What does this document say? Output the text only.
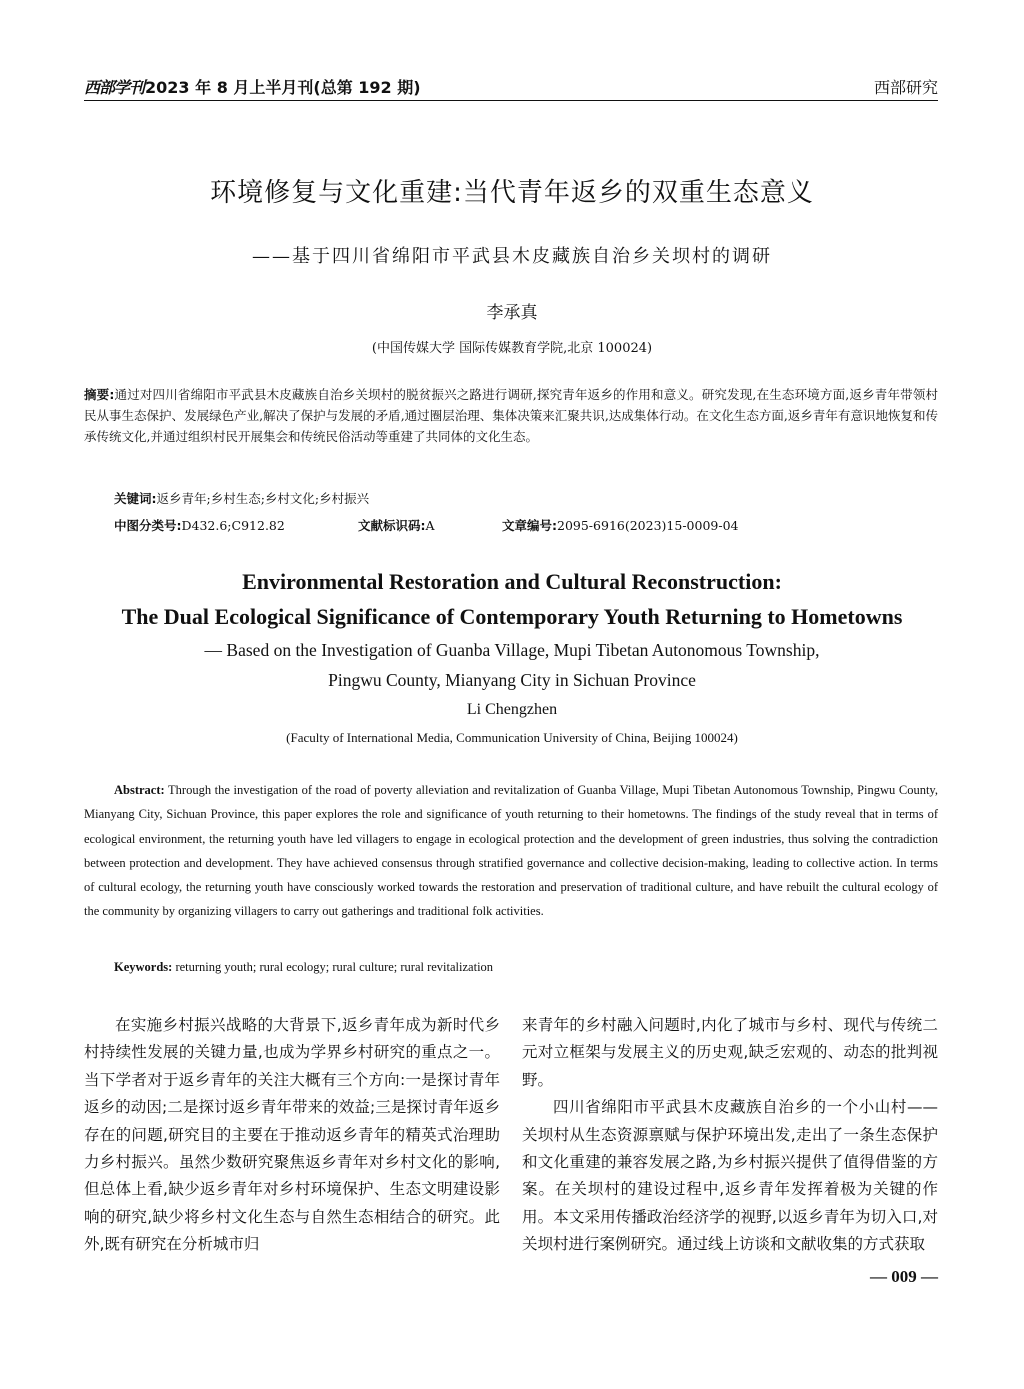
西部学刊 2023 年 8 月上半月刊(总第 192 期)	西部研究
环境修复与文化重建:当代青年返乡的双重生态意义
——基于四川省绵阳市平武县木皮藏族自治乡关坝村的调研
李承真
(中国传媒大学 国际传媒教育学院,北京 100024)
摘要:通过对四川省绵阳市平武县木皮藏族自治乡关坝村的脱贫振兴之路进行调研,探究青年返乡的作用和意义。研究发现,在生态环境方面,返乡青年带领村民从事生态保护、发展绿色产业,解决了保护与发展的矛盾,通过圈层治理、集体决策来汇聚共识,达成集体行动。在文化生态方面,返乡青年有意识地恢复和传承传统文化,并通过组织村民开展集会和传统民俗活动等重建了共同体的文化生态。
关键词:返乡青年;乡村生态;乡村文化;乡村振兴
中图分类号:D432.6;C912.82	文献标识码:A	文章编号:2095-6916(2023)15-0009-04
Environmental Restoration and Cultural Reconstruction:
The Dual Ecological Significance of Contemporary Youth Returning to Hometowns
— Based on the Investigation of Guanba Village, Mupi Tibetan Autonomous Township,
Pingwu County, Mianyang City in Sichuan Province
Li Chengzhen
(Faculty of International Media, Communication University of China, Beijing 100024)
Abstract: Through the investigation of the road of poverty alleviation and revitalization of Guanba Village, Mupi Tibetan Autonomous Township, Pingwu County, Mianyang City, Sichuan Province, this paper explores the role and significance of youth returning to their hometowns. The findings of the study reveal that in terms of ecological environment, the returning youth have led villagers to engage in ecological protection and the development of green industries, thus solving the contradiction between protection and development. They have achieved consensus through stratified governance and collective decision-making, leading to collective action. In terms of cultural ecology, the returning youth have consciously worked towards the restoration and preservation of traditional culture, and have rebuilt the cultural ecology of the community by organizing villagers to carry out gatherings and traditional folk activities.
Keywords: returning youth; rural ecology; rural culture; rural revitalization

在实施乡村振兴战略的大背景下,返乡青年成为新时代乡村持续性发展的关键力量,也成为学界乡村研究的重点之一。当下学者对于返乡青年的关注大概有三个方向:一是探讨青年返乡的动因;二是探讨返乡青年带来的效益;三是探讨青年返乡存在的问题,研究目的主要在于推动返乡青年的精英式治理助力乡村振兴。虽然少数研究聚焦返乡青年对乡村文化的影响,但总体上看,缺少返乡青年对乡村环境保护、生态文明建设影响的研究,缺少将乡村文化生态与自然生态相结合的研究。此外,既有研究在分析城市归

来青年的乡村融入问题时,内化了城市与乡村、现代与传统二元对立框架与发展主义的历史观,缺乏宏观的、动态的批判视野。

四川省绵阳市平武县木皮藏族自治乡的一个小山村——关坝村从生态资源禀赋与保护环境出发,走出了一条生态保护和文化重建的兼容发展之路,为乡村振兴提供了值得借鉴的方案。在关坝村的建设过程中,返乡青年发挥着极为关键的作用。本文采用传播政治经济学的视野,以返乡青年为切入口,对关坝村进行案例研究。通过线上访谈和文献收集的方式获取

— 009 —
